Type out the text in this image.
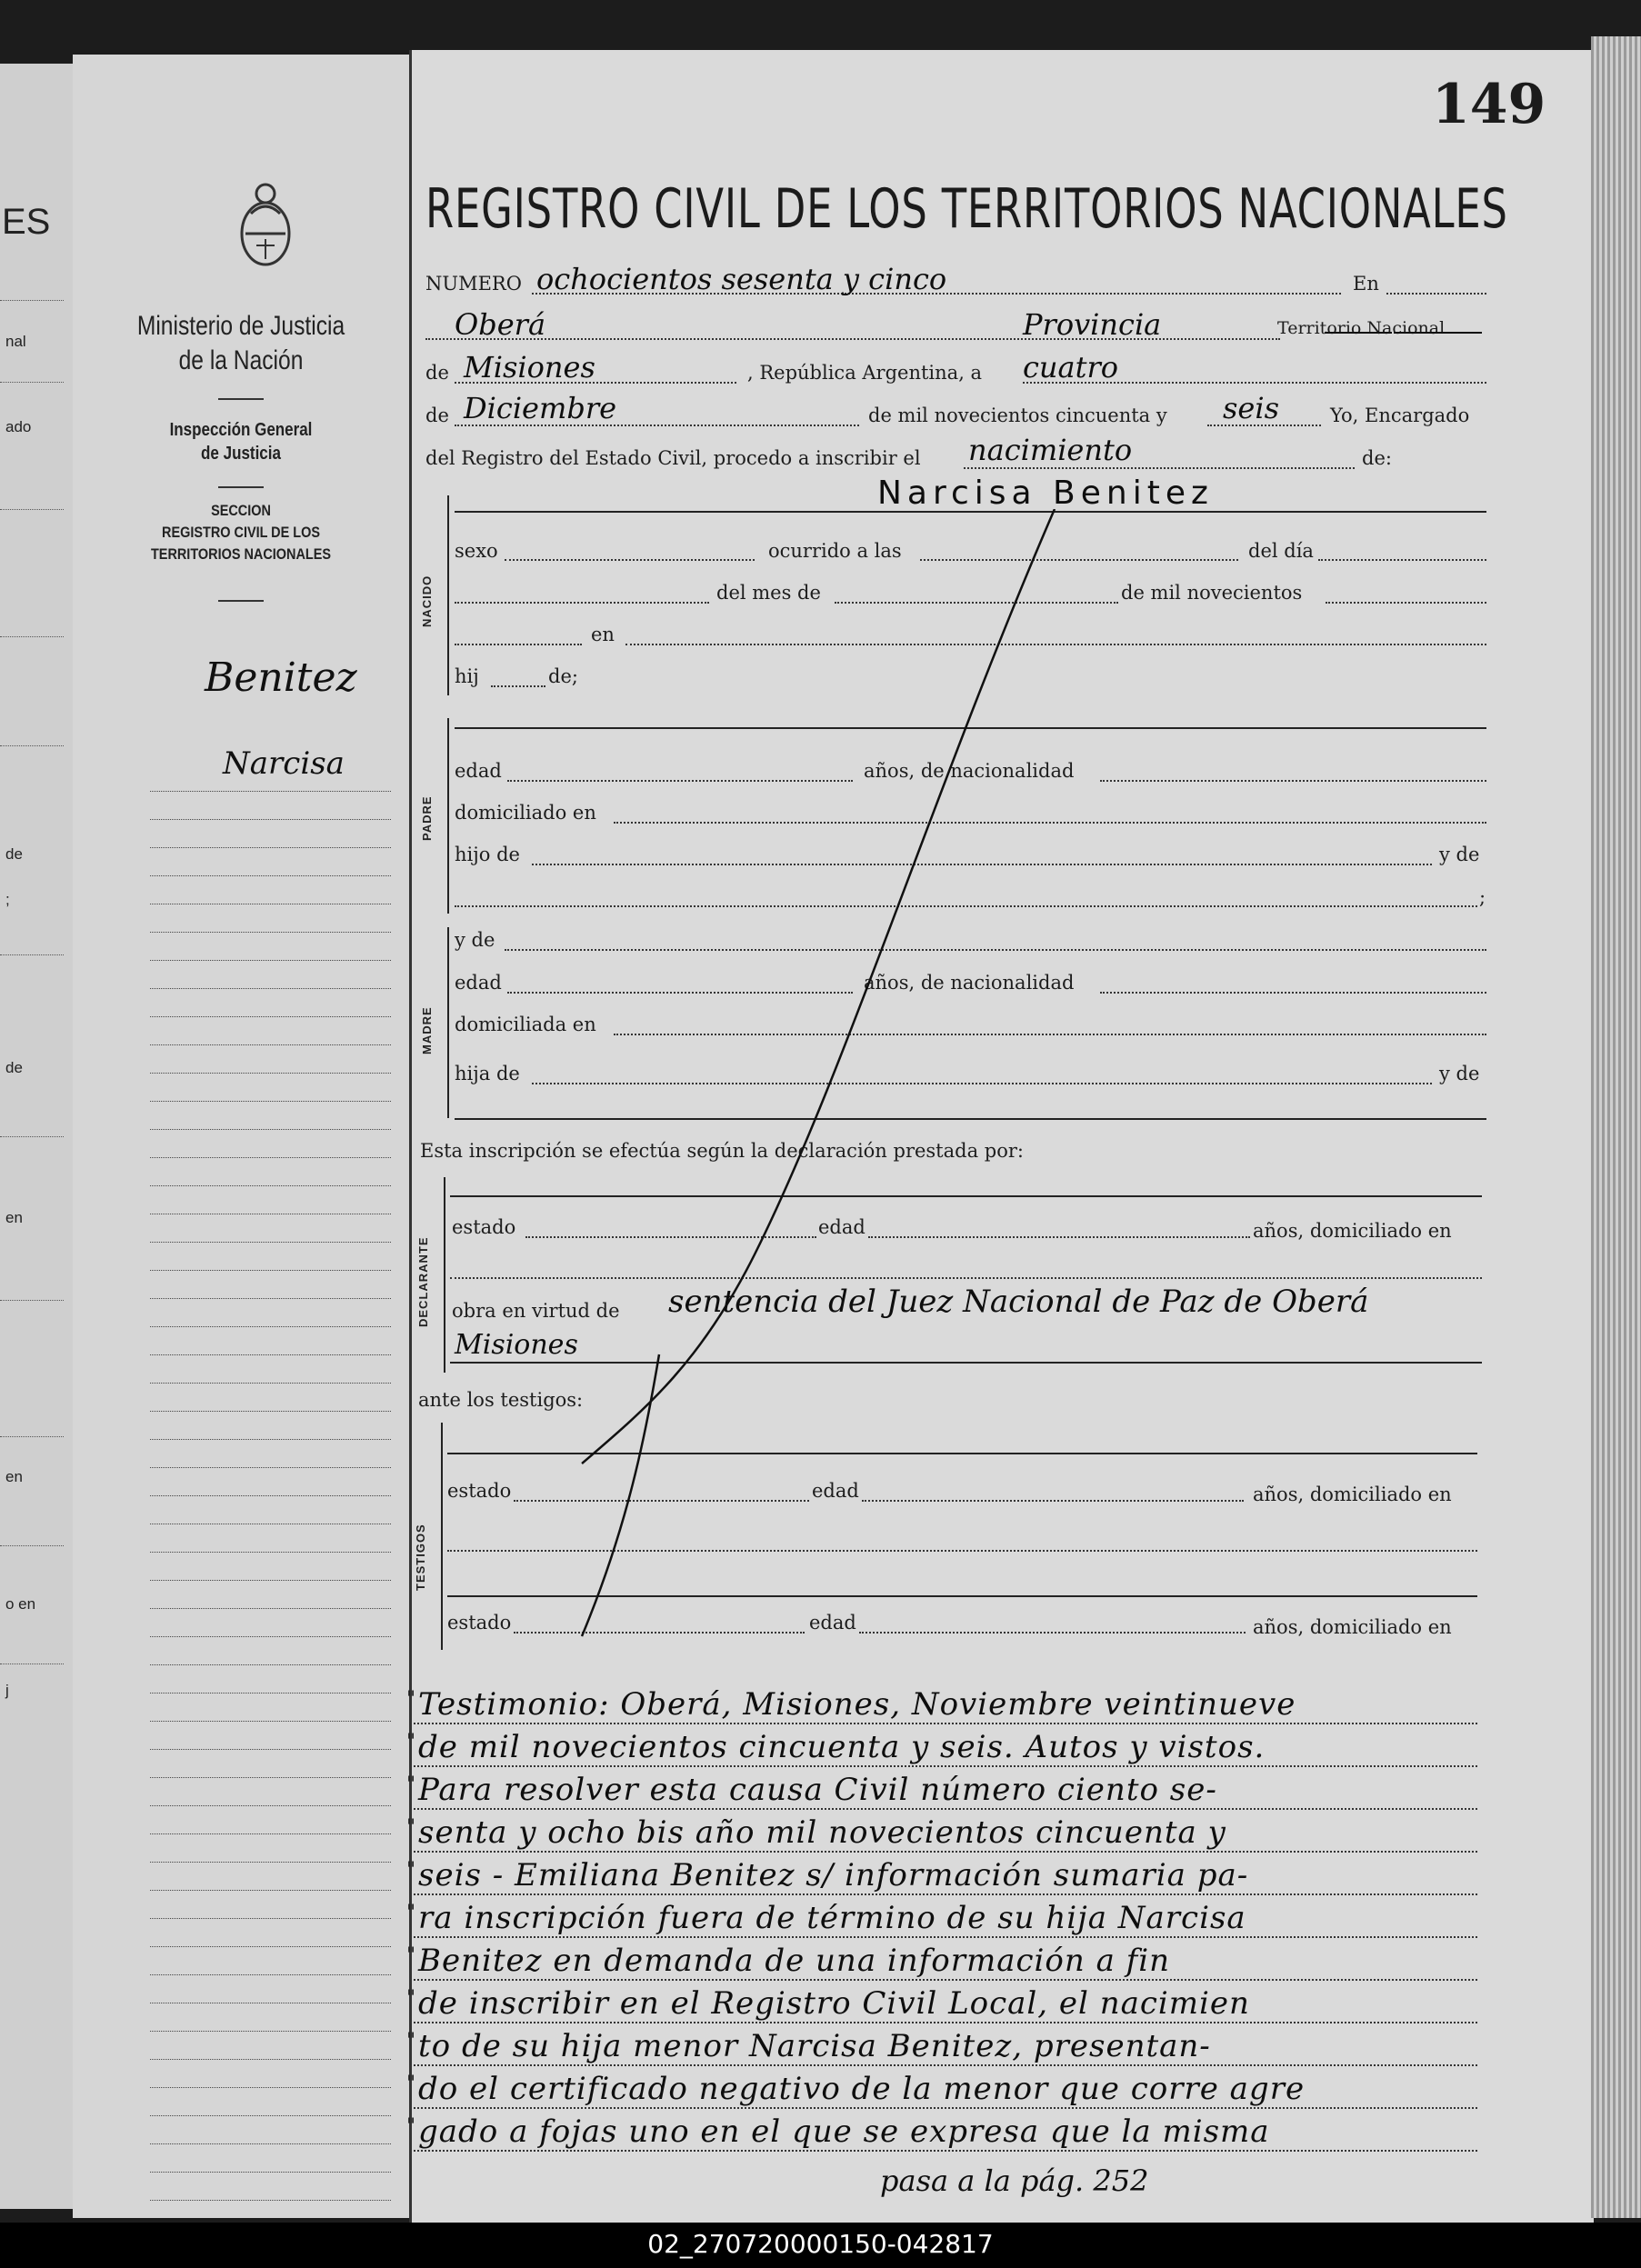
ES
nal
ado
de
;
de
en
en
o en
j
Ministerio de Justicia
de la Nación
Inspección General
de Justicia
SECCION
REGISTRO CIVIL DE LOS
TERRITORIOS NACIONALES
Benitez
Narcisa
149
REGISTRO CIVIL DE LOS TERRITORIOS NACIONALES
NUMERO ochocientos sesenta y cinco	En
Oberá	Provincia	Territorio Nacional
de Misiones	, República Argentina, a cuatro
de Diciembre	de mil novecientos cincuenta y seis	Yo, Encargado
del Registro del Estado Civil, procedo a inscribir el nacimiento	de:
Narcisa Benitez
NACIDO
sexo	ocurrido a las	del día
del mes de	de mil novecientos
en
hij	de;
PADRE
edad	años, de nacionalidad
domiciliado en
hijo de	y de
;
MADRE
y de
edad	años, de nacionalidad
domiciliada en
hija de	y de
Esta inscripción se efectúa según la declaración prestada por:
DECLARANTE
estado	edad	años, domiciliado en
obra en virtud de sentencia del Juez Nacional de Paz de Oberá
Misiones
ante los testigos:
TESTIGOS
estado	edad	años, domiciliado en
estado	edad	años, domiciliado en
Testimonio: Oberá, Misiones, Noviembre veintinueve
de mil novecientos cincuenta y seis. Autos y vistos.
Para resolver esta causa Civil número ciento se-
senta y ocho bis año mil novecientos cincuenta y
seis - Emiliana Benitez s/ información sumaria pa-
ra inscripción fuera de término de su hija Narcisa
Benitez en demanda de una información a fin
de inscribir en el Registro Civil Local, el nacimien
to de su hija menor Narcisa Benitez, presentan-
do el certificado negativo de la menor que corre agre
gado a fojas uno en el que se expresa que la misma
"
"
"
"
"
"
"
"
"
"
"
pasa a la pág. 252
02_270720000150-042817
